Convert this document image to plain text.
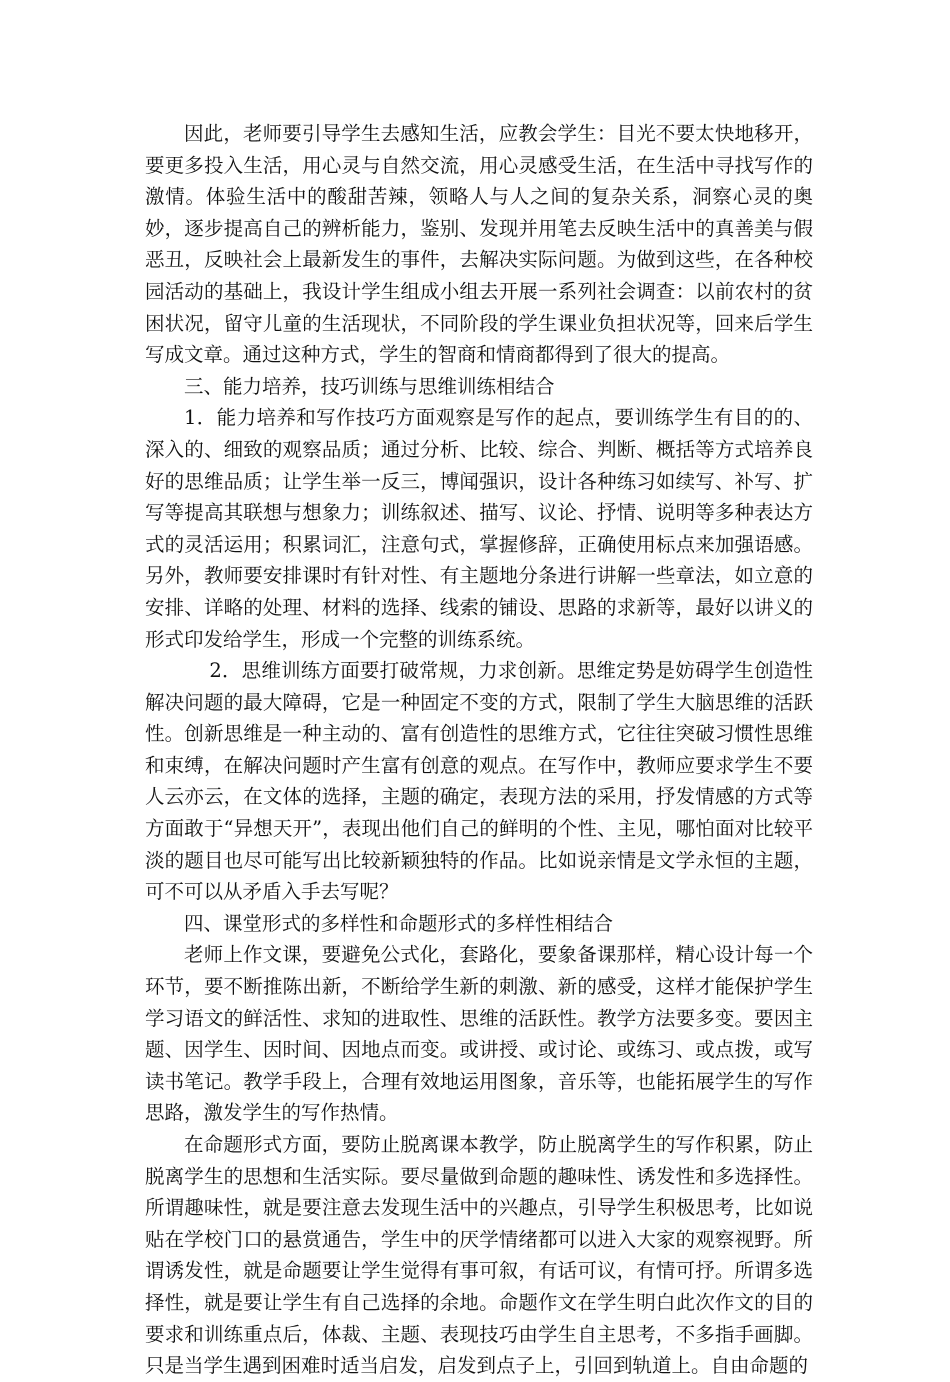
因此，老师要引导学生去感知生活，应教会学生：目光不要太快地移开，要更多投入生活，用心灵与自然交流，用心灵感受生活，在生活中寻找写作的激情。体验生活中的酸甜苦辣，领略人与人之间的复杂关系，洞察心灵的奥妙，逐步提高自己的辨析能力，鉴别、发现并用笔去反映生活中的真善美与假恶丑，反映社会上最新发生的事件，去解决实际问题。为做到这些，在各种校园活动的基础上，我设计学生组成小组去开展一系列社会调查：以前农村的贫困状况，留守儿童的生活现状，不同阶段的学生课业负担状况等，回来后学生写成文章。通过这种方式，学生的智商和情商都得到了很大的提高。

三、能力培养，技巧训练与思维训练相结合

1．能力培养和写作技巧方面观察是写作的起点，要训练学生有目的的、深入的、细致的观察品质；通过分析、比较、综合、判断、概括等方式培养良好的思维品质；让学生举一反三，博闻强识，设计各种练习如续写、补写、扩写等提高其联想与想象力；训练叙述、描写、议论、抒情、说明等多种表达方式的灵活运用；积累词汇，注意句式，掌握修辞，正确使用标点来加强语感。另外，教师要安排课时有针对性、有主题地分条进行讲解一些章法，如立意的安排、详略的处理、材料的选择、线索的铺设、思路的求新等，最好以讲义的形式印发给学生，形成一个完整的训练系统。

2．思维训练方面要打破常规，力求创新。思维定势是妨碍学生创造性解决问题的最大障碍，它是一种固定不变的方式，限制了学生大脑思维的活跃性。创新思维是一种主动的、富有创造性的思维方式，它往往突破习惯性思维和束缚，在解决问题时产生富有创意的观点。在写作中，教师应要求学生不要人云亦云，在文体的选择，主题的确定，表现方法的采用，抒发情感的方式等方面敢于“异想天开”，表现出他们自己的鲜明的个性、主见，哪怕面对比较平淡的题目也尽可能写出比较新颖独特的作品。比如说亲情是文学永恒的主题，可不可以从矛盾入手去写呢？

四、课堂形式的多样性和命题形式的多样性相结合

老师上作文课，要避免公式化，套路化，要象备课那样，精心设计每一个环节，要不断推陈出新，不断给学生新的刺激、新的感受，这样才能保护学生学习语文的鲜活性、求知的进取性、思维的活跃性。教学方法要多变。要因主题、因学生、因时间、因地点而变。或讲授、或讨论、或练习、或点拨，或写读书笔记。教学手段上，合理有效地运用图象，音乐等，也能拓展学生的写作思路，激发学生的写作热情。

在命题形式方面，要防止脱离课本教学，防止脱离学生的写作积累，防止脱离学生的思想和生活实际。要尽量做到命题的趣味性、诱发性和多选择性。所谓趣味性，就是要注意去发现生活中的兴趣点，引导学生积极思考，比如说贴在学校门口的悬赏通告，学生中的厌学情绪都可以进入大家的观察视野。所谓诱发性，就是命题要让学生觉得有事可叙，有话可议，有情可抒。所谓多选择性，就是要让学生有自己选择的余地。命题作文在学生明白此次作文的目的要求和训练重点后，体裁、主题、表现技巧由学生自主思考，不多指手画脚。只是当学生遇到困难时适当启发，启发到点子上，引回到轨道上。自由命题的
